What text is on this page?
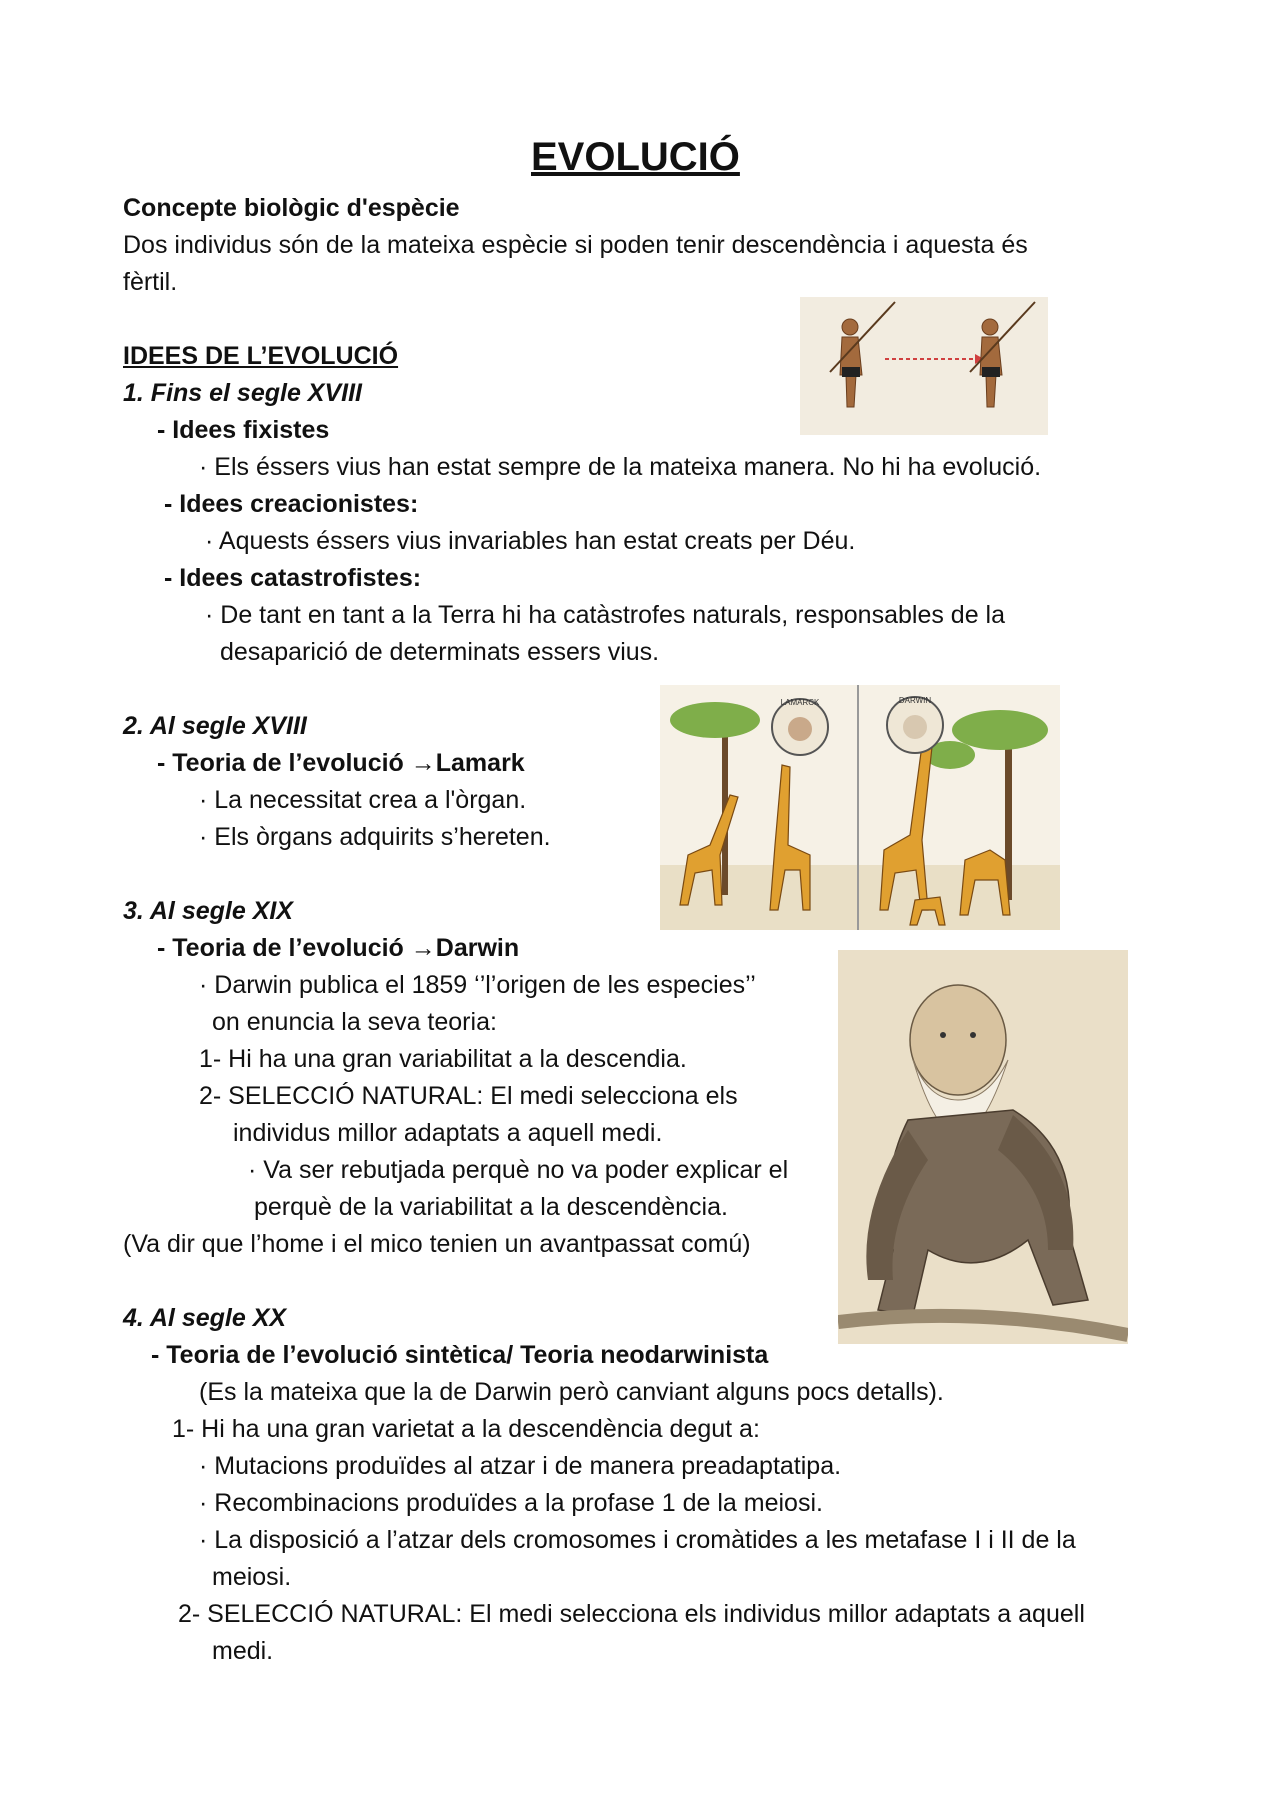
EVOLUCIÓ

Concepte biològic d'espècie

Dos individus són de la mateixa espècie si poden tenir descendència i aquesta és

fèrtil.

IDEES DE L’EVOLUCIÓ

1. Fins el segle XVIII

- Idees fixistes

· Els éssers vius han estat sempre de la mateixa manera. No hi ha evolució.

- Idees creacionistes:

· Aquests éssers vius invariables han estat creats per Déu.

- Idees catastrofistes:

· De tant en tant a la Terra hi ha catàstrofes naturals, responsables de la

desaparició de determinats essers vius.

2. Al segle XVIII

- Teoria de l’evolució →Lamark

· La necessitat crea a l'òrgan.

· Els òrgans adquirits s’hereten.

3. Al segle XIX

- Teoria de l’evolució →Darwin

· Darwin publica el 1859 ‘’l’origen de les especies’’

on enuncia la seva teoria:

1- Hi ha una gran variabilitat a la descendia.

2- SELECCIÓ NATURAL: El medi selecciona els

individus millor adaptats a aquell medi.

· Va ser rebutjada perquè no va poder explicar el

perquè de la variabilitat a la descendència.

(Va dir que l’home i el mico tenien un avantpassat comú)

4. Al segle XX

- Teoria de l’evolució sintètica/ Teoria neodarwinista

(Es la mateixa que la de Darwin però canviant alguns pocs detalls).

1- Hi ha una gran varietat a la descendència degut a:

· Mutacions produïdes al atzar i de manera preadaptatipa.

· Recombinacions produïdes a la profase 1 de la meiosi.

· La disposició a l’atzar dels cromosomes i cromàtides a les metafase I i II de la

meiosi.

2- SELECCIÓ NATURAL: El medi selecciona els individus millor adaptats a aquell

medi.

LAMARCK	DARWIN
